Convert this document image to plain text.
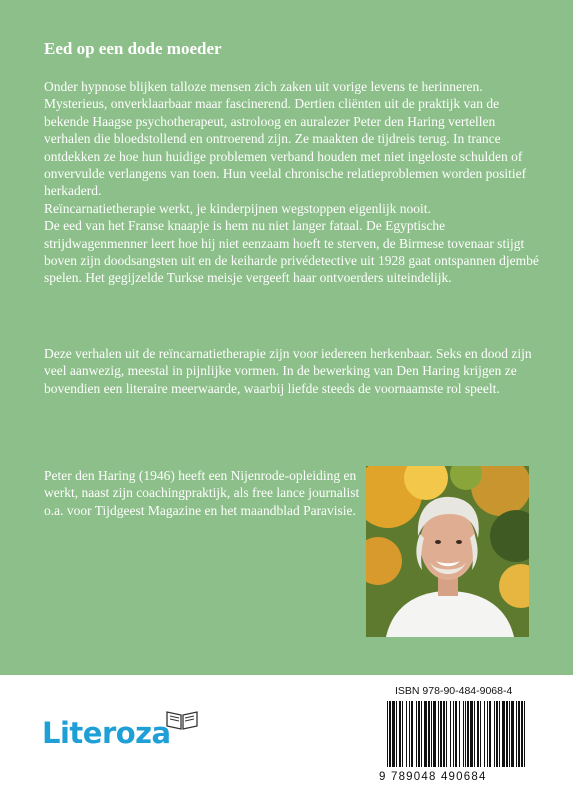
Eed op een dode moeder
Onder hypnose blijken talloze mensen zich zaken uit vorige levens te herinneren. Mysterieus, onverklaarbaar maar fascinerend. Dertien cliënten uit de praktijk van de bekende Haagse psychotherapeut, astroloog en auralezer Peter den Haring vertellen verhalen die bloedstollend en ontroerend zijn. Ze maakten de tijdreis terug. In trance ontdekken ze hoe hun huidige problemen verband houden met niet ingeloste schulden of onvervulde verlangens van toen. Hun veelal chronische relatieproblemen worden positief herkaderd.
Reïncarnatietherapie werkt, je kinderpijnen wegstoppen eigenlijk nooit.
De eed van het Franse knaapje is hem nu niet langer fataal. De Egyptische strijdwagenmenner leert hoe hij niet eenzaam hoeft te sterven, de Birmese tovenaar stijgt boven zijn doodsangsten uit en de keiharde privédetective uit 1928 gaat ontspannen djembé spelen. Het gegijzelde Turkse meisje vergeeft haar ontvoerders uiteindelijk.

Deze verhalen uit de reïncarnatietherapie zijn voor iedereen herkenbaar. Seks en dood zijn veel aanwezig, meestal in pijnlijke vormen. In de bewerking van Den Haring krijgen ze bovendien een literaire meerwaarde, waarbij liefde steeds de voornaamste rol speelt.

Peter den Haring (1946) heeft een Nijenrode-opleiding en werkt, naast zijn coachingpraktijk, als free lance journalist o.a. voor Tijdgeest Magazine en het maandblad Paravisie.

Literoza
ISBN 978-90-484-9068-4
9 789048 490684
